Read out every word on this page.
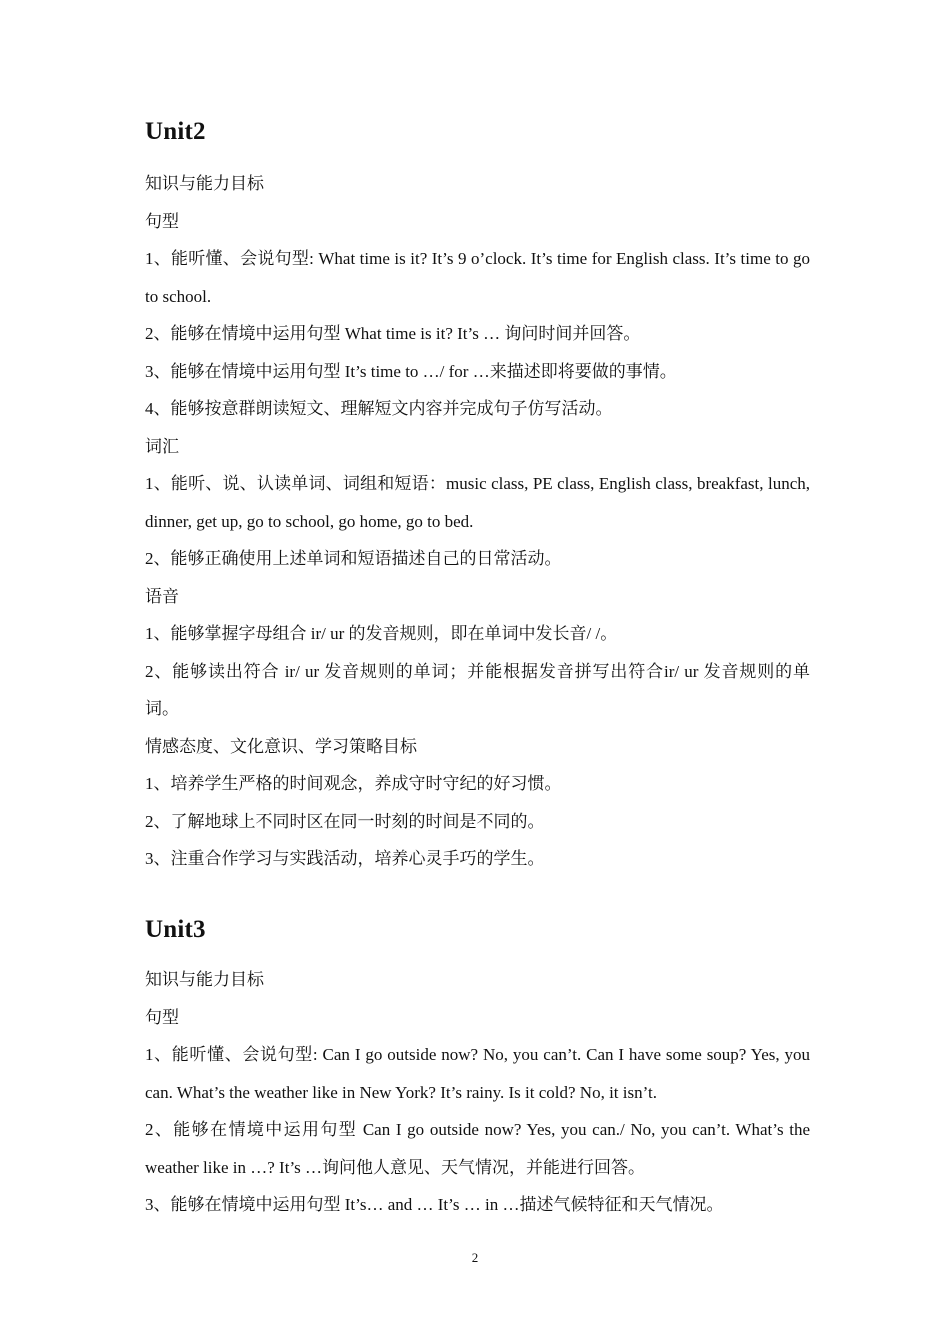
Unit2

知识与能力目标

句型

1、能听懂、会说句型: What time is it? It’s 9 o’clock. It’s time for English class. It’s time to go to school.

2、能够在情境中运用句型 What time is it? It’s … 询问时间并回答。

3、能够在情境中运用句型 It’s time to …/ for …来描述即将要做的事情。

4、能够按意群朗读短文、理解短文内容并完成句子仿写活动。

词汇

1、能听、说、认读单词、词组和短语：music class, PE class, English class, breakfast, lunch, dinner, get up, go to school, go home, go to bed.

2、能够正确使用上述单词和短语描述自己的日常活动。

语音

1、能够掌握字母组合 ir/ ur 的发音规则，即在单词中发长音/ /。

2、能够读出符合 ir/ ur 发音规则的单词；并能根据发音拼写出符合ir/ ur 发音规则的单词。

情感态度、文化意识、学习策略目标

1、培养学生严格的时间观念，养成守时守纪的好习惯。

2、了解地球上不同时区在同一时刻的时间是不同的。

3、注重合作学习与实践活动，培养心灵手巧的学生。

Unit3

知识与能力目标

句型

1、能听懂、会说句型: Can I go outside now? No, you can’t. Can I have some soup? Yes, you can. What’s the weather like in New York? It’s rainy. Is it cold? No, it isn’t.

2、能够在情境中运用句型 Can I go outside now? Yes, you can./ No, you can’t. What’s the weather like in …? It’s …询问他人意见、天气情况，并能进行回答。

3、能够在情境中运用句型 It’s… and … It’s … in …描述气候特征和天气情况。

2
